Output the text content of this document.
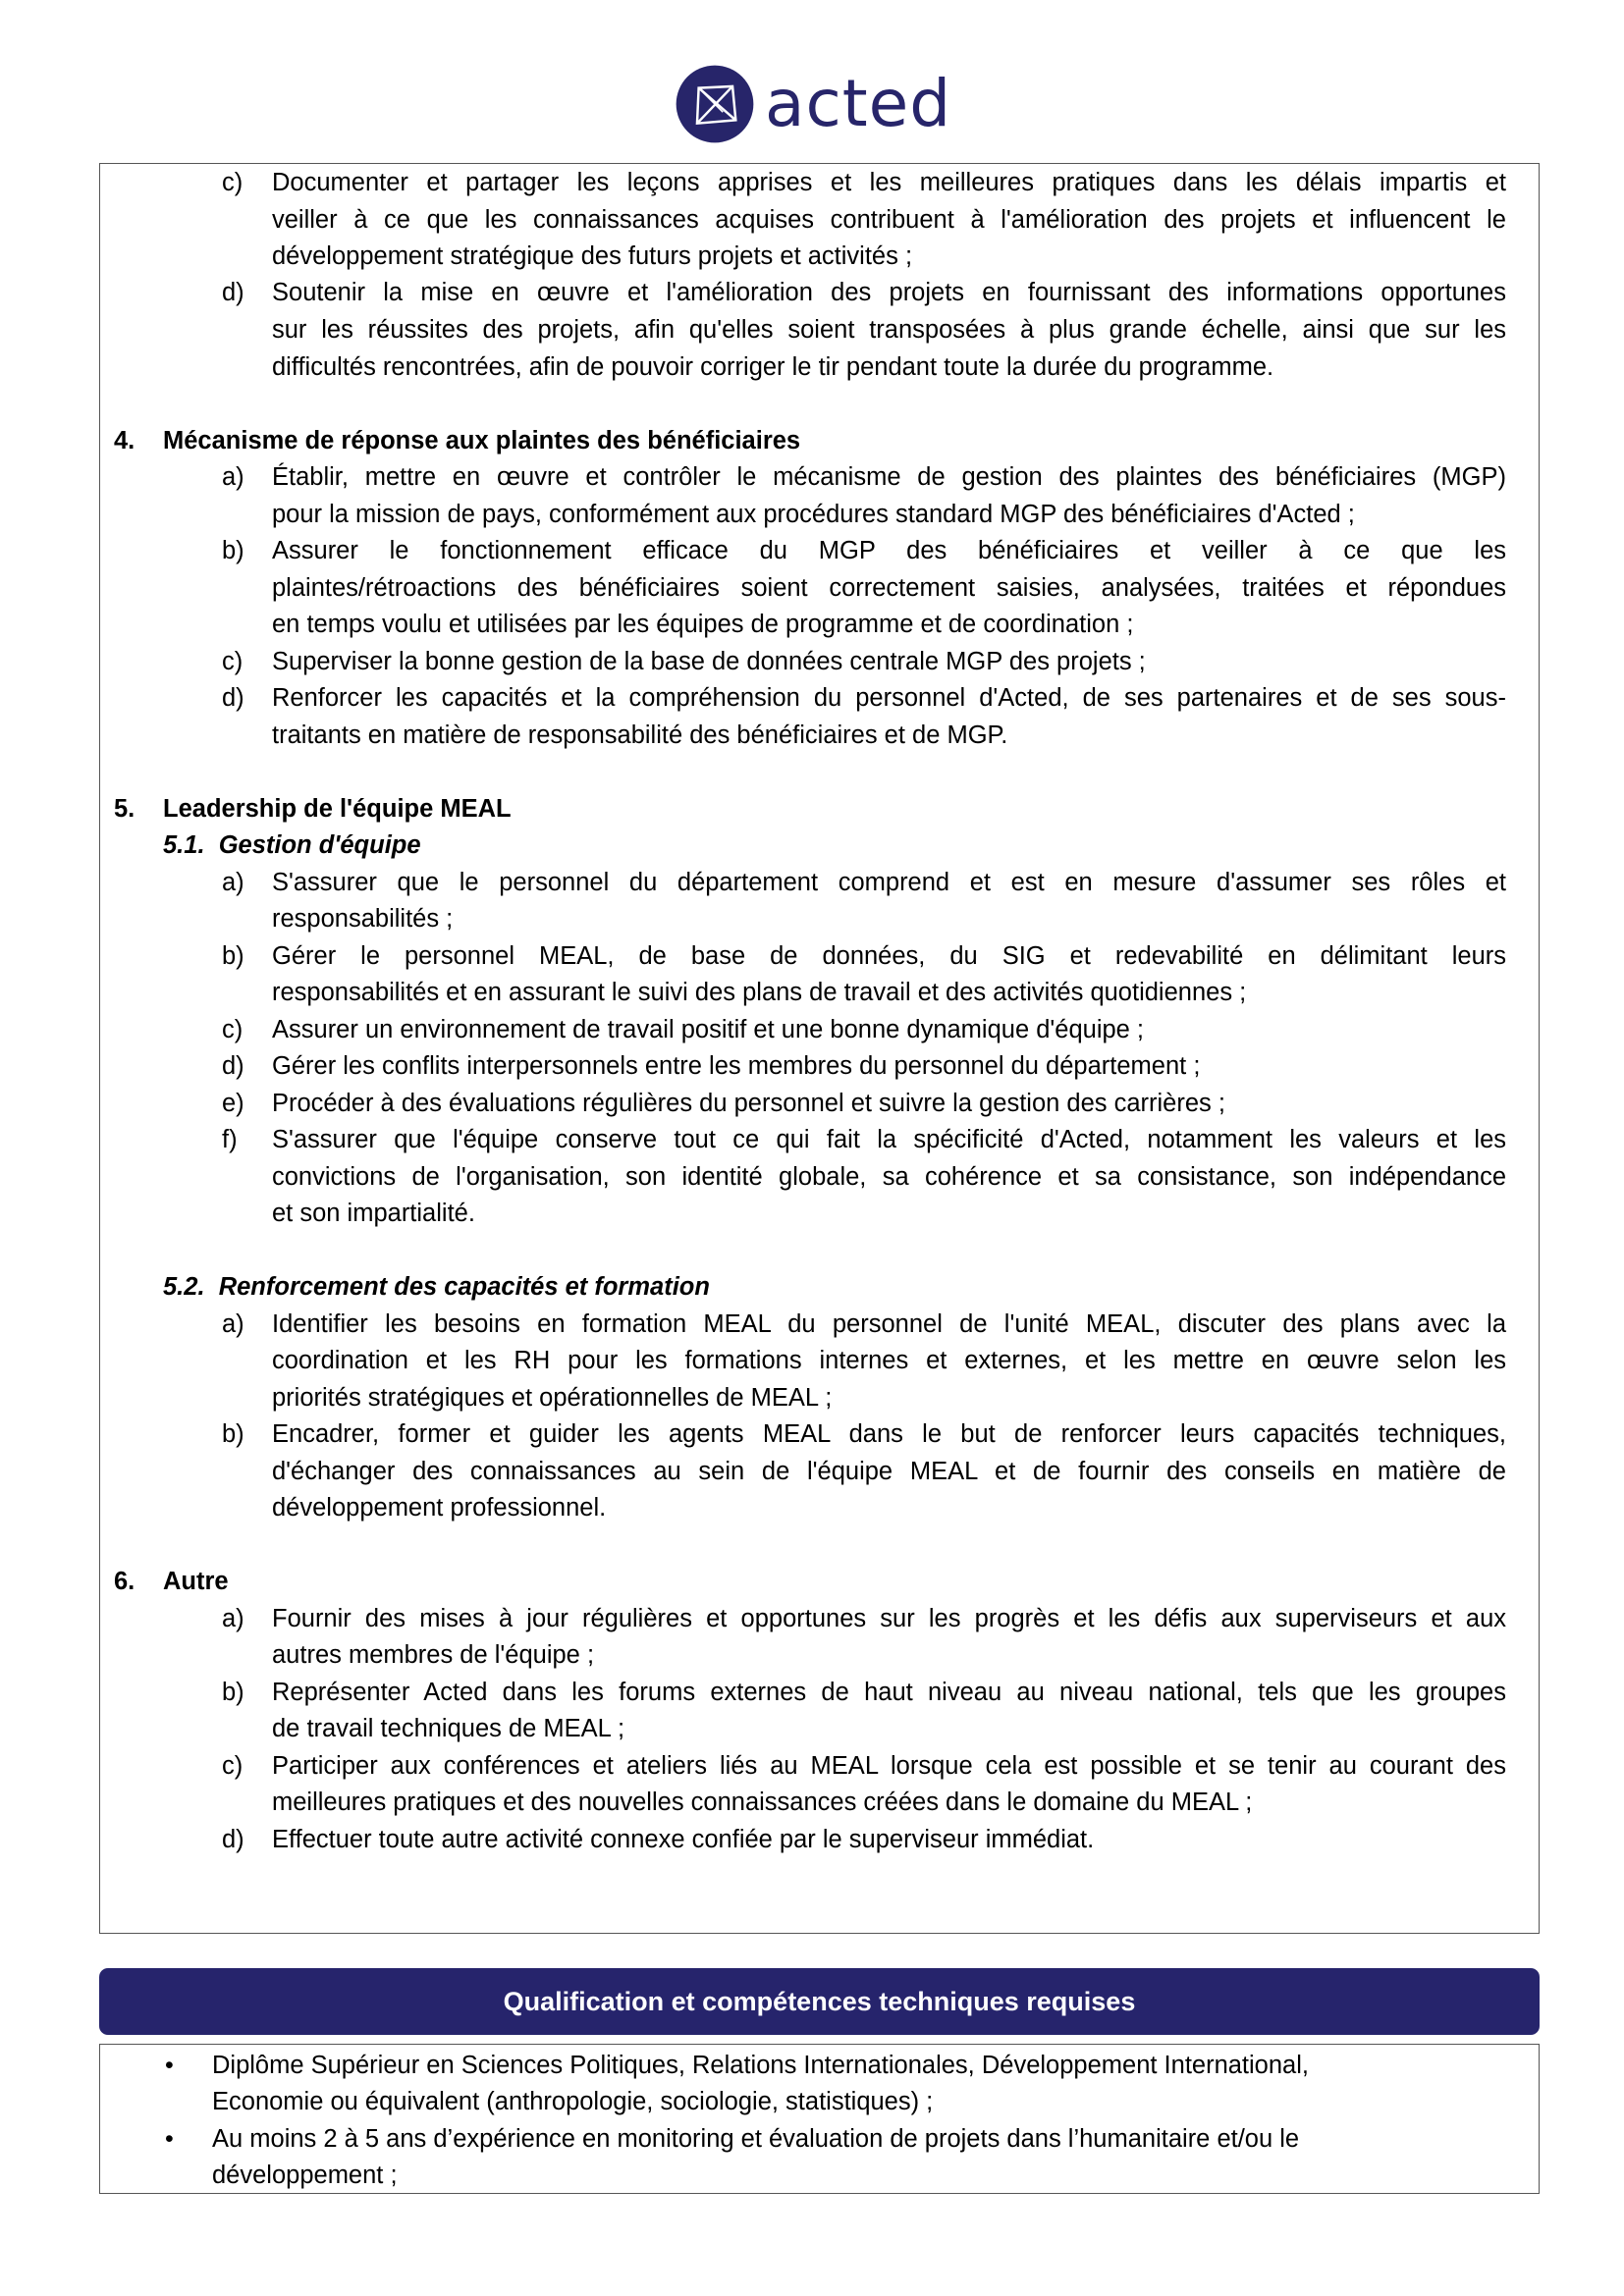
acted
Qualification et compétences techniques requises
c) Documenter et partager les leçons apprises et les meilleures pratiques dans les délais impartis et
veiller à ce que les connaissances acquises contribuent à l'amélioration des projets et influencent le
développement stratégique des futurs projets et activités ;
d) Soutenir la mise en œuvre et l'amélioration des projets en fournissant des informations opportunes
sur les réussites des projets, afin qu'elles soient transposées à plus grande échelle, ainsi que sur les
difficultés rencontrées, afin de pouvoir corriger le tir pendant toute la durée du programme.
4. Mécanisme de réponse aux plaintes des bénéficiaires
a) Établir, mettre en œuvre et contrôler le mécanisme de gestion des plaintes des bénéficiaires (MGP)
pour la mission de pays, conformément aux procédures standard MGP des bénéficiaires d'Acted ;
b) Assurer le fonctionnement efficace du MGP des bénéficiaires et veiller à ce que les
plaintes/rétroactions des bénéficiaires soient correctement saisies, analysées, traitées et répondues
en temps voulu et utilisées par les équipes de programme et de coordination ;
c) Superviser la bonne gestion de la base de données centrale MGP des projets ;
d) Renforcer les capacités et la compréhension du personnel d'Acted, de ses partenaires et de ses sous-
traitants en matière de responsabilité des bénéficiaires et de MGP.
5. Leadership de l'équipe MEAL
5.1.  Gestion d'équipe
a) S'assurer que le personnel du département comprend et est en mesure d'assumer ses rôles et
responsabilités ;
b) Gérer le personnel MEAL, de base de données, du SIG et redevabilité en délimitant leurs
responsabilités et en assurant le suivi des plans de travail et des activités quotidiennes ;
c) Assurer un environnement de travail positif et une bonne dynamique d'équipe ;
d) Gérer les conflits interpersonnels entre les membres du personnel du département ;
e) Procéder à des évaluations régulières du personnel et suivre la gestion des carrières ;
f) S'assurer que l'équipe conserve tout ce qui fait la spécificité d'Acted, notamment les valeurs et les
convictions de l'organisation, son identité globale, sa cohérence et sa consistance, son indépendance
et son impartialité.
5.2.  Renforcement des capacités et formation
a) Identifier les besoins en formation MEAL du personnel de l'unité MEAL, discuter des plans avec la
coordination et les RH pour les formations internes et externes, et les mettre en œuvre selon les
priorités stratégiques et opérationnelles de MEAL ;
b) Encadrer, former et guider les agents MEAL dans le but de renforcer leurs capacités techniques,
d'échanger des connaissances au sein de l'équipe MEAL et de fournir des conseils en matière de
développement professionnel.
6. Autre
a) Fournir des mises à jour régulières et opportunes sur les progrès et les défis aux superviseurs et aux
autres membres de l'équipe ;
b) Représenter Acted dans les forums externes de haut niveau au niveau national, tels que les groupes
de travail techniques de MEAL ;
c) Participer aux conférences et ateliers liés au MEAL lorsque cela est possible et se tenir au courant des
meilleures pratiques et des nouvelles connaissances créées dans le domaine du MEAL ;
d) Effectuer toute autre activité connexe confiée par le superviseur immédiat.
• Diplôme Supérieur en Sciences Politiques, Relations Internationales, Développement International,
Economie ou équivalent (anthropologie, sociologie, statistiques) ;
• Au moins 2 à 5 ans d’expérience en monitoring et évaluation de projets dans l’humanitaire et/ou le
développement ;
